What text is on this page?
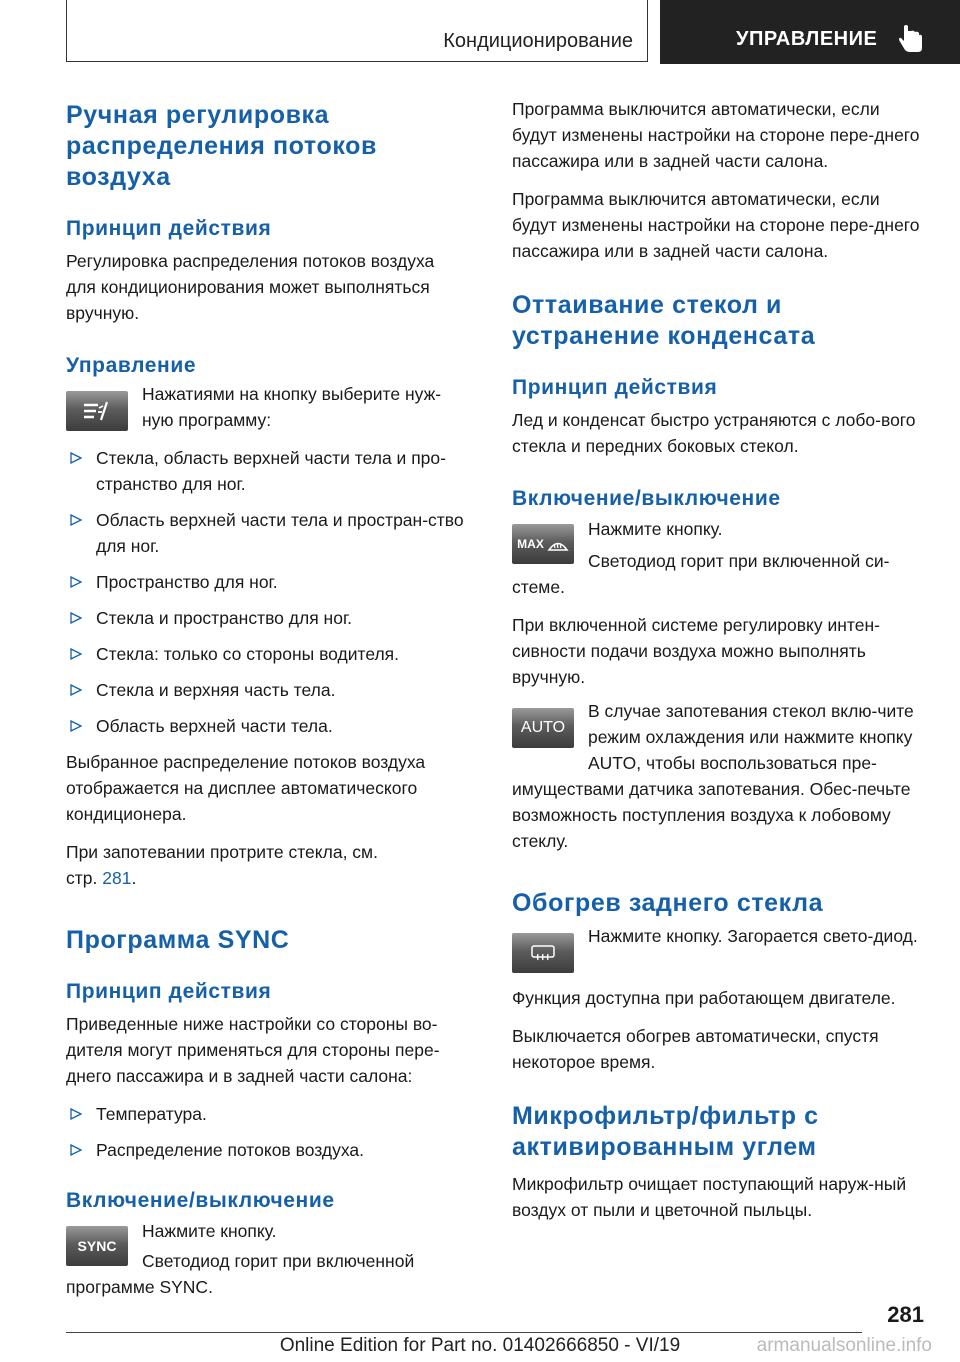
Кондиционирование	УПРАВЛЕНИЕ
Ручная регулировка распределения потоков воздуха
Принцип действия

Регулировка распределения потоков воздуха для кондиционирования может выполняться вручную.

Управление

Нажатиями на кнопку выберите нуж-ную программу:

Стекла, область верхней части тела и про-странство для ног.
Область верхней части тела и простран-ство для ног.
Пространство для ног.
Стекла и пространство для ног.
Стекла: только со стороны водителя.
Стекла и верхняя часть тела.
Область верхней части тела.

Выбранное распределение потоков воздуха отображается на дисплее автоматического кондиционера.

При запотевании протрите стекла, см.
стр. 281.

Программа SYNC
Принцип действия

Приведенные ниже настройки со стороны во-дителя могут применяться для стороны пере-днего пассажира и в задней части салона:

Температура.
Распределение потоков воздуха.
Включение/выключение
SYNC

Нажмите кнопку.

Светодиод горит при включенной программе SYNC.

Программа выключится автоматически, если будут изменены настройки на стороне пере-днего пассажира или в задней части салона.

Программа выключится автоматически, если будут изменены настройки на стороне пере-днего пассажира или в задней части салона.

Оттаивание стекол и устранение конденсата
Принцип действия

Лед и конденсат быстро устраняются с лобо-вого стекла и передних боковых стекол.

Включение/выключение
MAX

Нажмите кнопку.

Светодиод горит при включенной си-стеме.

При включенной системе регулировку интен-сивности подачи воздуха можно выполнять вручную.

AUTO

В случае запотевания стекол вклю-чите режим охлаждения или нажмите кнопку AUTO, чтобы воспользоваться пре-имуществами датчика запотевания. Обес-печьте возможность поступления воздуха к лобовому стеклу.

Обогрев заднего стекла

Нажмите кнопку. Загорается свето-диод.

Функция доступна при работающем двигателе.

Выключается обогрев автоматически, спустя некоторое время.

Микрофильтр/фильтр с активированным углем

Микрофильтр очищает поступающий наруж-ный воздух от пыли и цветочной пыльцы.

281
Online Edition for Part no. 01402666850 - VI/19	armanualsonline.info
